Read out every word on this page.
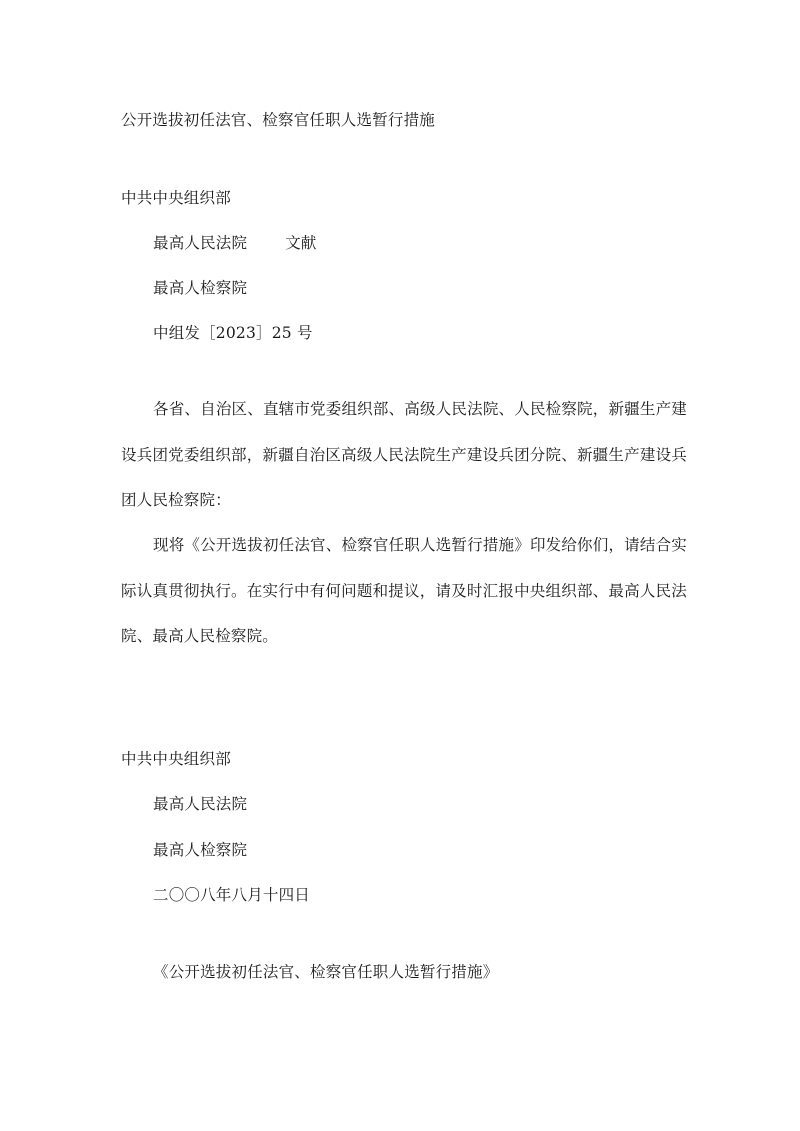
公开选拔初任法官、检察官任职人选暂行措施
中共中央组织部
最高人民法院 文献
最高人检察院
中组发［2023］25 号
各省、自治区、直辖市党委组织部、高级人民法院、人民检察院，新疆生产建设兵团党委组织部，新疆自治区高级人民法院生产建设兵团分院、新疆生产建设兵团人民检察院：
现将《公开选拔初任法官、检察官任职人选暂行措施》印发给你们，请结合实际认真贯彻执行。在实行中有何问题和提议，请及时汇报中央组织部、最高人民法院、最高人民检察院。
中共中央组织部
最高人民法院
最高人检察院
二〇〇八年八月十四日
《公开选拔初任法官、检察官任职人选暂行措施》
